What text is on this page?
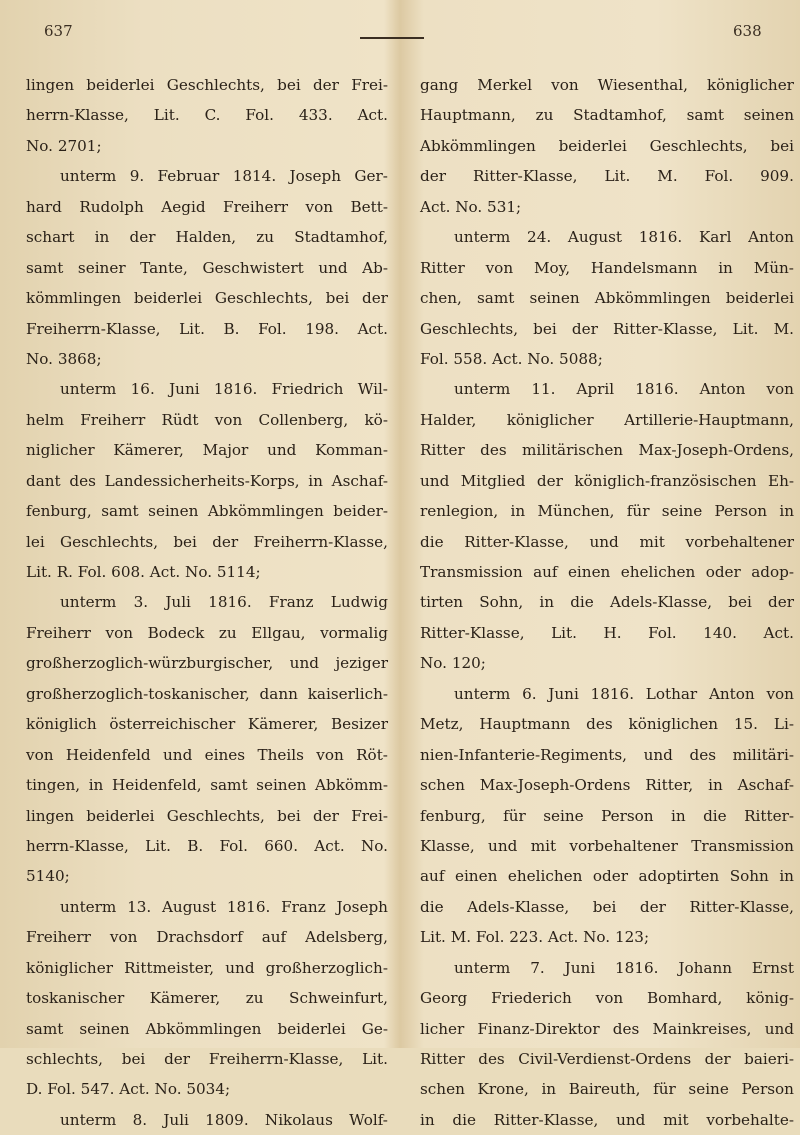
637	638
lingen beiderlei Geschlechts, bei der Frei-
herrn-Klasse, Lit. C. Fol. 433. Act.
No. 2701;
unterm 9. Februar 1814. Joseph Ger-
hard Rudolph Aegid Freiherr von Bett-
schart in der Halden, zu Stadtamhof,
samt seiner Tante, Geschwistert und Ab-
kömmlingen beiderlei Geschlechts, bei der
Freiherrn-Klasse, Lit. B. Fol. 198. Act.
No. 3868;
unterm 16. Juni 1816. Friedrich Wil-
helm Freiherr Rüdt von Collenberg, kö-
niglicher Kämerer, Major und Komman-
dant des Landessicherheits-Korps, in Aschaf-
fenburg, samt seinen Abkömmlingen beider-
lei Geschlechts, bei der Freiherrn-Klasse,
Lit. R. Fol. 608. Act. No. 5114;
unterm 3. Juli 1816. Franz Ludwig
Freiherr von Bodeck zu Ellgau, vormalig
großherzoglich-würzburgischer, und jeziger
großherzoglich-toskanischer, dann kaiserlich-
königlich österreichischer Kämerer, Besizer
von Heidenfeld und eines Theils von Röt-
tingen, in Heidenfeld, samt seinen Abkömm-
lingen beiderlei Geschlechts, bei der Frei-
herrn-Klasse, Lit. B. Fol. 660. Act. No.
5140;
unterm 13. August 1816. Franz Joseph
Freiherr von Drachsdorf auf Adelsberg,
königlicher Rittmeister, und großherzoglich-
toskanischer Kämerer, zu Schweinfurt,
samt seinen Abkömmlingen beiderlei Ge-
schlechts, bei der Freiherrn-Klasse, Lit.
D. Fol. 547. Act. No. 5034;
unterm 8. Juli 1809. Nikolaus Wolf-
gang Merkel von Wiesenthal, königlicher
Hauptmann, zu Stadtamhof, samt seinen
Abkömmlingen beiderlei Geschlechts, bei
der Ritter-Klasse, Lit. M. Fol. 909.
Act. No. 531;
unterm 24. August 1816. Karl Anton
Ritter von Moy, Handelsmann in Mün-
chen, samt seinen Abkömmlingen beiderlei
Geschlechts, bei der Ritter-Klasse, Lit. M.
Fol. 558. Act. No. 5088;
unterm 11. April 1816. Anton von
Halder, königlicher Artillerie-Hauptmann,
Ritter des militärischen Max-Joseph-Ordens,
und Mitglied der königlich-französischen Eh-
renlegion, in München, für seine Person in
die Ritter-Klasse, und mit vorbehaltener
Transmission auf einen ehelichen oder adop-
tirten Sohn, in die Adels-Klasse, bei der
Ritter-Klasse, Lit. H. Fol. 140. Act.
No. 120;
unterm 6. Juni 1816. Lothar Anton von
Metz, Hauptmann des königlichen 15. Li-
nien-Infanterie-Regiments, und des militäri-
schen Max-Joseph-Ordens Ritter, in Aschaf-
fenburg, für seine Person in die Ritter-
Klasse, und mit vorbehaltener Transmission
auf einen ehelichen oder adoptirten Sohn in
die Adels-Klasse, bei der Ritter-Klasse,
Lit. M. Fol. 223. Act. No. 123;
unterm 7. Juni 1816. Johann Ernst
Georg Friederich von Bomhard, könig-
licher Finanz-Direktor des Mainkreises, und
Ritter des Civil-Verdienst-Ordens der baieri-
schen Krone, in Baireuth, für seine Person
in die Ritter-Klasse, und mit vorbehalte-
